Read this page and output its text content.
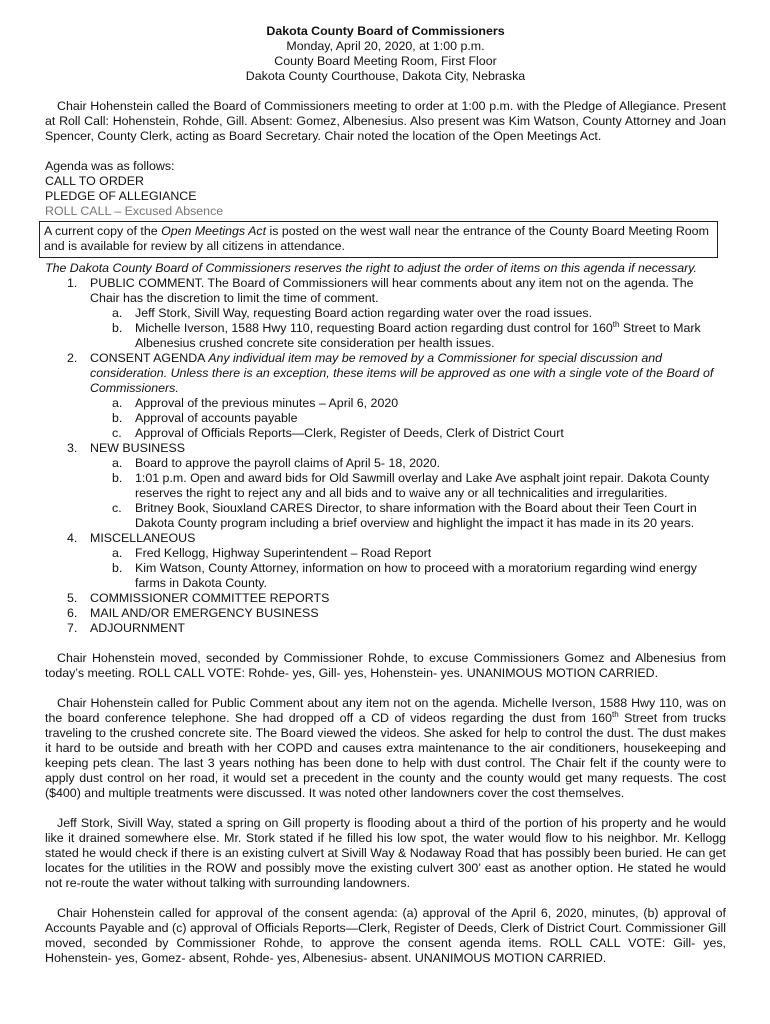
Dakota County Board of Commissioners

Monday, April 20, 2020, at 1:00 p.m.

County Board Meeting Room, First Floor

Dakota County Courthouse, Dakota City, Nebraska

Chair Hohenstein called the Board of Commissioners meeting to order at 1:00 p.m. with the Pledge of Allegiance. Present at Roll Call: Hohenstein, Rohde, Gill. Absent: Gomez, Albenesius. Also present was Kim Watson, County Attorney and Joan Spencer, County Clerk, acting as Board Secretary. Chair noted the location of the Open Meetings Act.

Agenda was as follows:

CALL TO ORDER

PLEDGE OF ALLEGIANCE

ROLL CALL – Excused Absence

A current copy of the Open Meetings Act is posted on the west wall near the entrance of the County Board Meeting Room and is available for review by all citizens in attendance.

The Dakota County Board of Commissioners reserves the right to adjust the order of items on this agenda if necessary.

1. PUBLIC COMMENT. The Board of Commissioners will hear comments about any item not on the agenda. The Chair has the discretion to limit the time of comment.
a. Jeff Stork, Sivill Way, requesting Board action regarding water over the road issues.
b. Michelle Iverson, 1588 Hwy 110, requesting Board action regarding dust control for 160th Street to Mark Albenesius crushed concrete site consideration per health issues.
2. CONSENT AGENDA Any individual item may be removed by a Commissioner for special discussion and consideration. Unless there is an exception, these items will be approved as one with a single vote of the Board of Commissioners.
a. Approval of the previous minutes – April 6, 2020
b. Approval of accounts payable
c. Approval of Officials Reports—Clerk, Register of Deeds, Clerk of District Court
3. NEW BUSINESS
a. Board to approve the payroll claims of April 5- 18, 2020.
b. 1:01 p.m. Open and award bids for Old Sawmill overlay and Lake Ave asphalt joint repair. Dakota County reserves the right to reject any and all bids and to waive any or all technicalities and irregularities.
c. Britney Book, Siouxland CARES Director, to share information with the Board about their Teen Court in Dakota County program including a brief overview and highlight the impact it has made in its 20 years.
4. MISCELLANEOUS
a. Fred Kellogg, Highway Superintendent – Road Report
b. Kim Watson, County Attorney, information on how to proceed with a moratorium regarding wind energy farms in Dakota County.
5. COMMISSIONER COMMITTEE REPORTS
6. MAIL AND/OR EMERGENCY BUSINESS
7. ADJOURNMENT

Chair Hohenstein moved, seconded by Commissioner Rohde, to excuse Commissioners Gomez and Albenesius from today’s meeting. ROLL CALL VOTE: Rohde- yes, Gill- yes, Hohenstein- yes. UNANIMOUS MOTION CARRIED.

Chair Hohenstein called for Public Comment about any item not on the agenda. Michelle Iverson, 1588 Hwy 110, was on the board conference telephone. She had dropped off a CD of videos regarding the dust from 160th Street from trucks traveling to the crushed concrete site. The Board viewed the videos. She asked for help to control the dust. The dust makes it hard to be outside and breath with her COPD and causes extra maintenance to the air conditioners, housekeeping and keeping pets clean. The last 3 years nothing has been done to help with dust control. The Chair felt if the county were to apply dust control on her road, it would set a precedent in the county and the county would get many requests. The cost ($400) and multiple treatments were discussed. It was noted other landowners cover the cost themselves.

Jeff Stork, Sivill Way, stated a spring on Gill property is flooding about a third of the portion of his property and he would like it drained somewhere else. Mr. Stork stated if he filled his low spot, the water would flow to his neighbor. Mr. Kellogg stated he would check if there is an existing culvert at Sivill Way & Nodaway Road that has possibly been buried. He can get locates for the utilities in the ROW and possibly move the existing culvert 300’ east as another option. He stated he would not re-route the water without talking with surrounding landowners.

Chair Hohenstein called for approval of the consent agenda: (a) approval of the April 6, 2020, minutes, (b) approval of Accounts Payable and (c) approval of Officials Reports—Clerk, Register of Deeds, Clerk of District Court. Commissioner Gill moved, seconded by Commissioner Rohde, to approve the consent agenda items. ROLL CALL VOTE: Gill- yes, Hohenstein- yes, Gomez- absent, Rohde- yes, Albenesius- absent. UNANIMOUS MOTION CARRIED.
